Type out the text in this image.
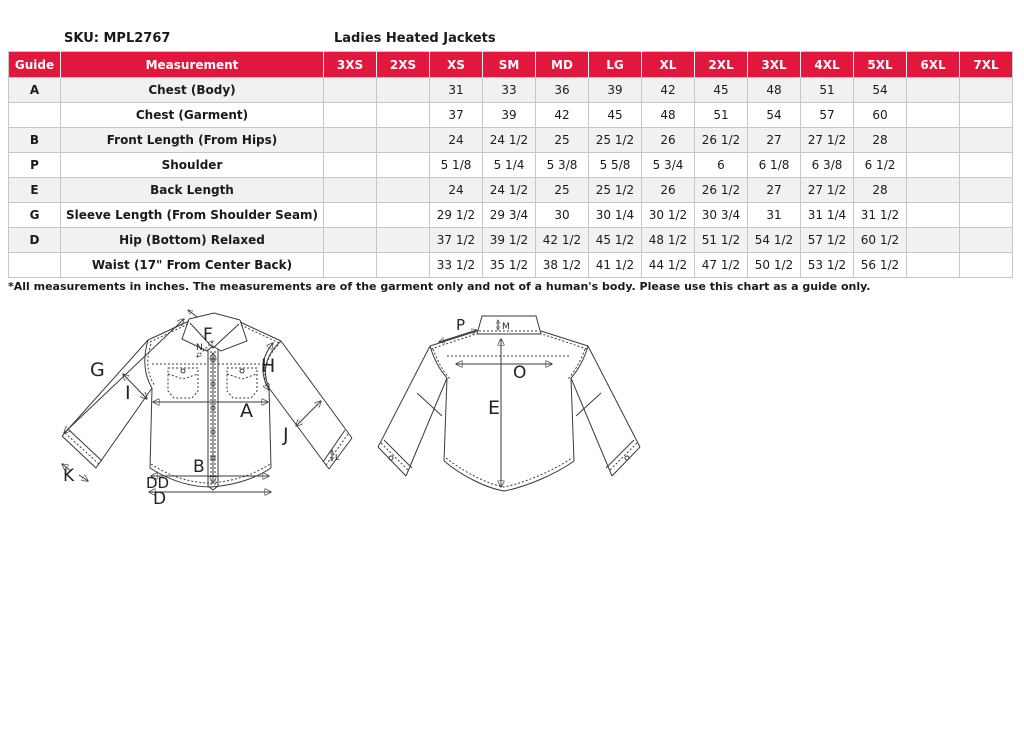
SKU: MPL2767	Ladies Heated Jackets
Guide	Measurement	3XS	2XS	XS	SM	MD	LG	XL	2XL	3XL	4XL	5XL	6XL	7XL
A	Chest (Body)			31	33	36	39	42	45	48	51	54		
	Chest (Garment)			37	39	42	45	48	51	54	57	60		
B	Front Length (From Hips)			24	24 1/2	25	25 1/2	26	26 1/2	27	27 1/2	28		
P	Shoulder			5 1/8	5 1/4	5 3/8	5 5/8	5 3/4	6	6 1/8	6 3/8	6 1/2		
E	Back Length			24	24 1/2	25	25 1/2	26	26 1/2	27	27 1/2	28		
G	Sleeve Length (From Shoulder Seam)			29 1/2	29 3/4	30	30 1/4	30 1/2	30 3/4	31	31 1/4	31 1/2		
D	Hip (Bottom) Relaxed			37 1/2	39 1/2	42 1/2	45 1/2	48 1/2	51 1/2	54 1/2	57 1/2	60 1/2		
	Waist (17" From Center Back)			33 1/2	35 1/2	38 1/2	41 1/2	44 1/2	47 1/2	50 1/2	53 1/2	56 1/2		
*All measurements in inches. The measurements are of the garment only and not of a human's body. Please use this chart as a guide only.
F
N
G
I
H
A
J
B
K	DD
D
L
P	M
O
E
